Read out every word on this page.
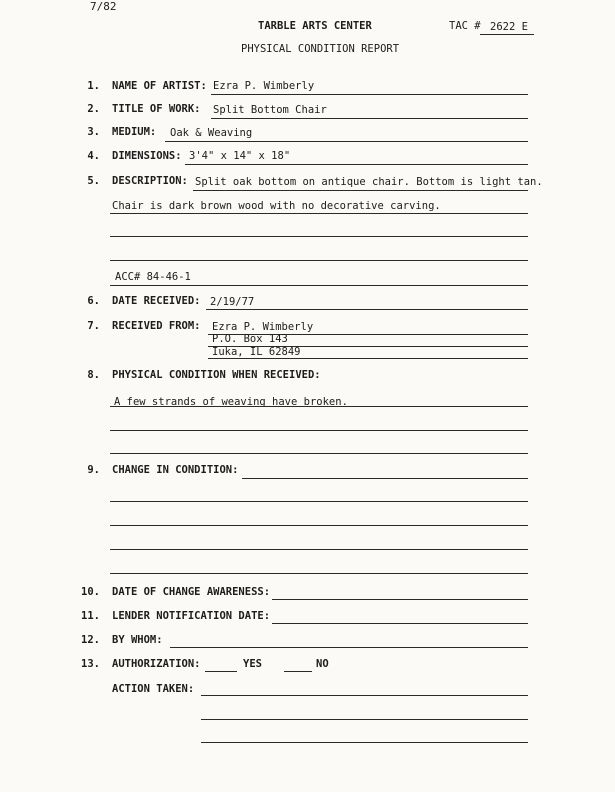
7/82
TARBLE ARTS CENTER	TAC # 2622 E
PHYSICAL CONDITION REPORT
1. NAME OF ARTIST: Ezra P. Wimberly
2. TITLE OF WORK: Split Bottom Chair
3. MEDIUM: Oak & Weaving
4. DIMENSIONS: 3'4" x 14" x 18"
5. DESCRIPTION: Split oak bottom on antique chair. Bottom is light tan.
Chair is dark brown wood with no decorative carving.
ACC# 84-46-1
6. DATE RECEIVED: 2/19/77
7. RECEIVED FROM: Ezra P. Wimberly
P.O. Box 143
Iuka, IL 62849
8. PHYSICAL CONDITION WHEN RECEIVED:
A few strands of weaving have broken.
9. CHANGE IN CONDITION:
10. DATE OF CHANGE AWARENESS:
11. LENDER NOTIFICATION DATE:
12. BY WHOM:
13. AUTHORIZATION:	YES	NO
ACTION TAKEN:
